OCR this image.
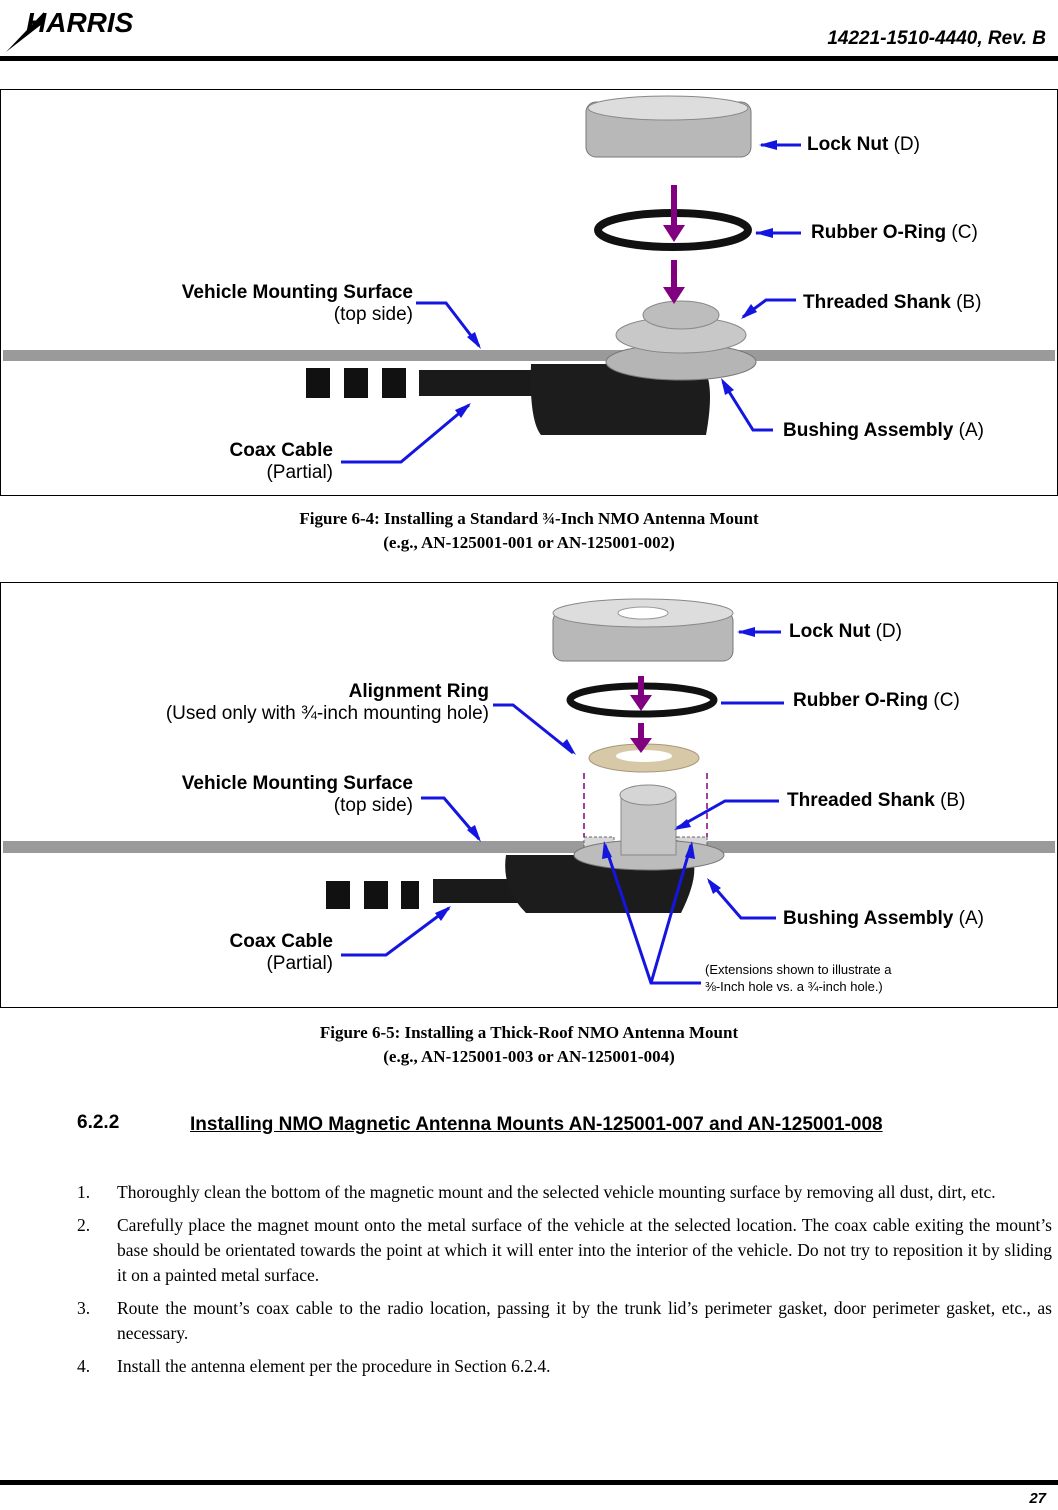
HARRIS
14221-1510-4440, Rev. B
Lock Nut (D)
Rubber O-Ring (C)
Threaded Shank (B)
Bushing Assembly (A)
Vehicle Mounting Surface
(top side)
Coax Cable
(Partial)
Figure 6-4: Installing a Standard ¾-Inch NMO Antenna Mount
(e.g., AN-125001-001 or AN-125001-002)
Lock Nut (D)
Rubber O-Ring (C)
Alignment Ring
(Used only with ¾-inch mounting hole)
Vehicle Mounting Surface
(top side)	Threaded Shank (B)
Bushing Assembly (A)
Coax Cable
(Partial)	(Extensions shown to illustrate a
⅜-Inch hole vs. a ¾-inch hole.)
Figure 6-5: Installing a Thick-Roof NMO Antenna Mount
(e.g., AN-125001-003 or AN-125001-004)
6.2.2	Installing NMO Magnetic Antenna Mounts AN-125001-007 and AN-125001-008
1. Thoroughly clean the bottom of the magnetic mount and the selected vehicle mounting surface by removing all dust, dirt, etc.
2. Carefully place the magnet mount onto the metal surface of the vehicle at the selected location. The coax cable exiting the mount’s base should be orientated towards the point at which it will enter into the interior of the vehicle. Do not try to reposition it by sliding it on a painted metal surface.
3. Route the mount’s coax cable to the radio location, passing it by the trunk lid’s perimeter gasket, door perimeter gasket, etc., as necessary.
4. Install the antenna element per the procedure in Section 6.2.4.
27
